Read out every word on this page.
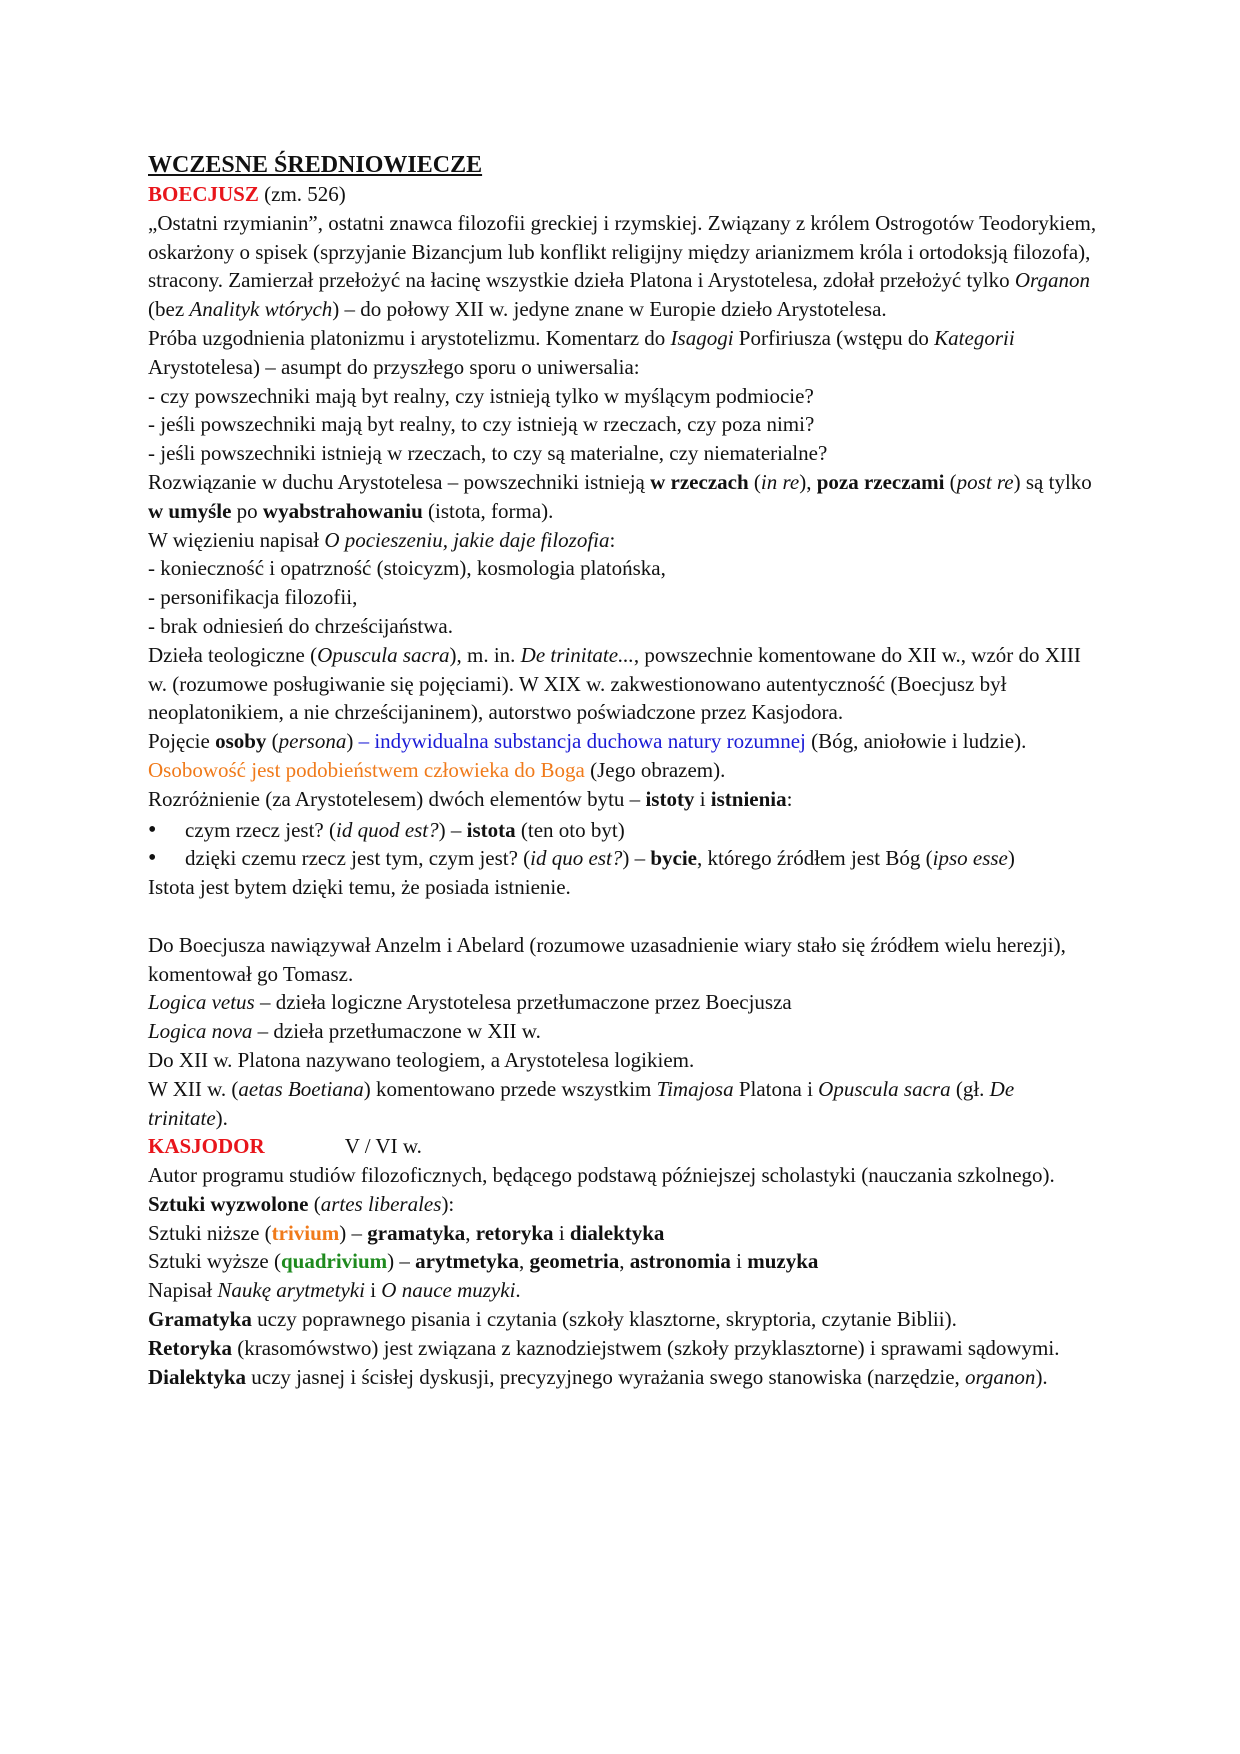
WCZESNE ŚREDNIOWIECZE

BOECJUSZ (zm. 526)

„Ostatni rzymianin”, ostatni znawca filozofii greckiej i rzymskiej. Związany z królem Ostrogotów Teodorykiem, oskarżony o spisek (sprzyjanie Bizancjum lub konflikt religijny między arianizmem króla i ortodoksją filozofa), stracony. Zamierzał przełożyć na łacinę wszystkie dzieła Platona i Arystotelesa, zdołał przełożyć tylko Organon (bez Analityk wtórych) – do połowy XII w. jedyne znane w Europie dzieło Arystotelesa.

Próba uzgodnienia platonizmu i arystotelizmu. Komentarz do Isagogi Porfiriusza (wstępu do Kategorii Arystotelesa) – asumpt do przyszłego sporu o uniwersalia:

- czy powszechniki mają byt realny, czy istnieją tylko w myślącym podmiocie?

- jeśli powszechniki mają byt realny, to czy istnieją w rzeczach, czy poza nimi?

- jeśli powszechniki istnieją w rzeczach, to czy są materialne, czy niematerialne?

Rozwiązanie w duchu Arystotelesa – powszechniki istnieją w rzeczach (in re), poza rzeczami (post re) są tylko w umyśle po wyabstrahowaniu (istota, forma).

W więzieniu napisał O pocieszeniu, jakie daje filozofia:

- konieczność i opatrzność (stoicyzm), kosmologia platońska,

- personifikacja filozofii,

- brak odniesień do chrześcijaństwa.

Dzieła teologiczne (Opuscula sacra), m. in. De trinitate..., powszechnie komentowane do XII w., wzór do XIII w. (rozumowe posługiwanie się pojęciami). W XIX w. zakwestionowano autentyczność (Boecjusz był neoplatonikiem, a nie chrześcijaninem), autorstwo poświadczone przez Kasjodora.

Pojęcie osoby (persona) – indywidualna substancja duchowa natury rozumnej (Bóg, aniołowie i ludzie). Osobowość jest podobieństwem człowieka do Boga (Jego obrazem).

Rozróżnienie (za Arystotelesem) dwóch elementów bytu – istoty i istnienia:

• czym rzecz jest? (id quod est?) – istota (ten oto byt)

• dzięki czemu rzecz jest tym, czym jest? (id quo est?) – bycie, którego źródłem jest Bóg (ipso esse)

Istota jest bytem dzięki temu, że posiada istnienie.

Do Boecjusza nawiązywał Anzelm i Abelard (rozumowe uzasadnienie wiary stało się źródłem wielu herezji), komentował go Tomasz.

Logica vetus – dzieła logiczne Arystotelesa przetłumaczone przez Boecjusza

Logica nova – dzieła przetłumaczone w XII w.

Do XII w. Platona nazywano teologiem, a Arystotelesa logikiem.

W XII w. (aetas Boetiana) komentowano przede wszystkim Timajosa Platona i Opuscula sacra (gł. De trinitate).

KASJODOR	V / VI w.

Autor programu studiów filozoficznych, będącego podstawą późniejszej scholastyki (nauczania szkolnego).

Sztuki wyzwolone (artes liberales):

Sztuki niższe (trivium) – gramatyka, retoryka i dialektyka

Sztuki wyższe (quadrivium) – arytmetyka, geometria, astronomia i muzyka

Napisał Naukę arytmetyki i O nauce muzyki.

Gramatyka uczy poprawnego pisania i czytania (szkoły klasztorne, skryptoria, czytanie Biblii).

Retoryka (krasomówstwo) jest związana z kaznodziejstwem (szkoły przyklasztorne) i sprawami sądowymi.

Dialektyka uczy jasnej i ścisłej dyskusji, precyzyjnego wyrażania swego stanowiska (narzędzie, organon).
